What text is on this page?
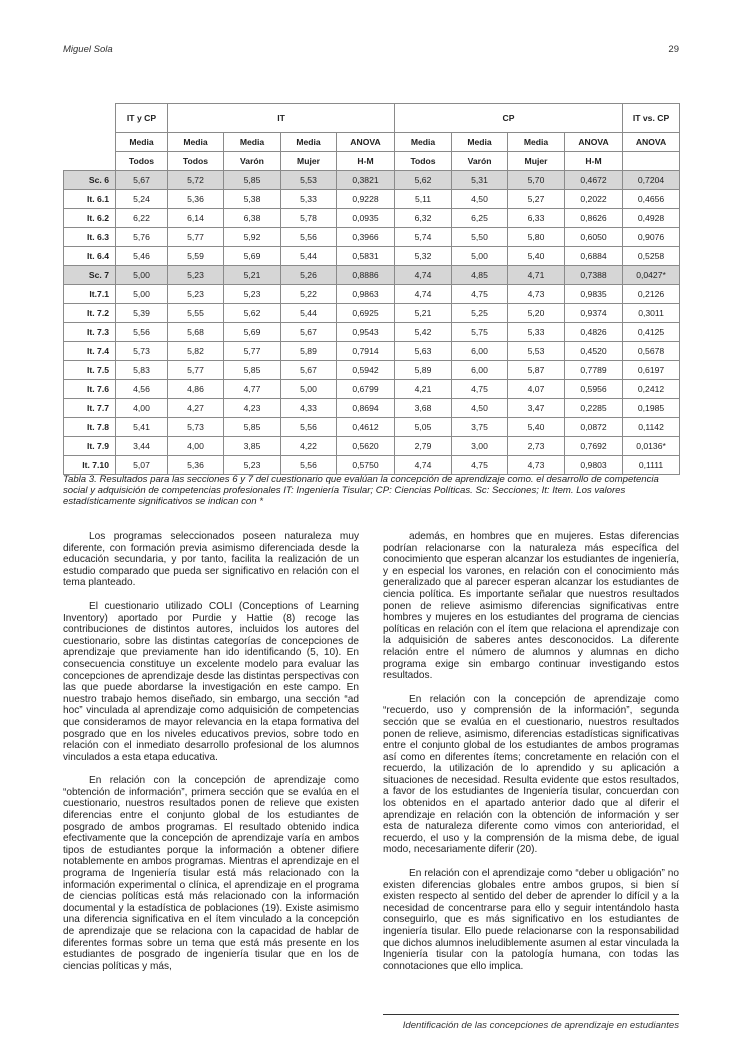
Miguel Sola	29
	IT y CP	IT				CP				IT vs. CP
	Media	Media	Media	Media	ANOVA	Media	Media	Media	ANOVA	ANOVA
	Todos	Todos	Varón	Mujer	H-M	Todos	Varón	Mujer	H-M	
Sc. 6	5,67	5,72	5,85	5,53	0,3821	5,62	5,31	5,70	0,4672	0,7204
It. 6.1	5,24	5,36	5,38	5,33	0,9228	5,11	4,50	5,27	0,2022	0,4656
It. 6.2	6,22	6,14	6,38	5,78	0,0935	6,32	6,25	6,33	0,8626	0,4928
It. 6.3	5,76	5,77	5,92	5,56	0,3966	5,74	5,50	5,80	0,6050	0,9076
It. 6.4	5,46	5,59	5,69	5,44	0,5831	5,32	5,00	5,40	0,6884	0,5258
Sc. 7	5,00	5,23	5,21	5,26	0,8886	4,74	4,85	4,71	0,7388	0,0427*
It.7.1	5,00	5,23	5,23	5,22	0,9863	4,74	4,75	4,73	0,9835	0,2126
It. 7.2	5,39	5,55	5,62	5,44	0,6925	5,21	5,25	5,20	0,9374	0,3011
It. 7.3	5,56	5,68	5,69	5,67	0,9543	5,42	5,75	5,33	0,4826	0,4125
It. 7.4	5,73	5,82	5,77	5,89	0,7914	5,63	6,00	5,53	0,4520	0,5678
It. 7.5	5,83	5,77	5,85	5,67	0,5942	5,89	6,00	5,87	0,7789	0,6197
It. 7.6	4,56	4,86	4,77	5,00	0,6799	4,21	4,75	4,07	0,5956	0,2412
It. 7.7	4,00	4,27	4,23	4,33	0,8694	3,68	4,50	3,47	0,2285	0,1985
It. 7.8	5,41	5,73	5,85	5,56	0,4612	5,05	3,75	5,40	0,0872	0,1142
It. 7.9	3,44	4,00	3,85	4,22	0,5620	2,79	3,00	2,73	0,7692	0,0136*
It. 7.10	5,07	5,36	5,23	5,56	0,5750	4,74	4,75	4,73	0,9803	0,1111
Tabla 3. Resultados para las secciones 6 y 7 del cuestionario que evalúan la concepción de aprendizaje como. el desarrollo de competencia social y adquisición de competencias profesionales IT: Ingeniería Tisular; CP: Ciencias Políticas. Sc: Secciones; It: Item. Los valores estadísticamente significativos se indican con *

Los programas seleccionados poseen naturaleza muy diferente, con formación previa asimismo diferenciada desde la educación secundaria, y por tanto, facilita la realización de un estudio comparado que pueda ser significativo en relación con el tema planteado.

El cuestionario utilizado COLI (Conceptions of Learning Inventory) aportado por Purdie y Hattie (8) recoge las contribuciones de distintos autores, incluidos los autores del cuestionario, sobre las distintas categorías de concepciones de aprendizaje que previamente han ido identificando (5, 10). En consecuencia constituye un excelente modelo para evaluar las concepciones de aprendizaje desde las distintas perspectivas con las que puede abordarse la investigación en este campo. En nuestro trabajo hemos diseñado, sin embargo, una sección “ad hoc” vinculada al aprendizaje como adquisición de competencias que consideramos de mayor relevancia en la etapa formativa del posgrado que en los niveles educativos previos, sobre todo en relación con el inmediato desarrollo profesional de los alumnos vinculados a esta etapa educativa.

En relación con la concepción de aprendizaje como “obtención de información”, primera sección que se evalúa en el cuestionario, nuestros resultados ponen de relieve que existen diferencias entre el conjunto global de los estudiantes de posgrado de ambos programas. El resultado obtenido indica efectivamente que la concepción de aprendizaje varía en ambos tipos de estudiantes porque la información a obtener difiere notablemente en ambos programas. Mientras el aprendizaje en el programa de Ingeniería tisular está más relacionado con la información experimental o clínica, el aprendizaje en el programa de ciencias políticas está más relacionado con la información documental y la estadística de poblaciones (19). Existe asimismo una diferencia significativa en el ítem vinculado a la concepción de aprendizaje que se relaciona con la capacidad de hablar de diferentes formas sobre un tema que está más presente en los estudiantes de posgrado de ingeniería tisular que en los de ciencias políticas y más,

además, en hombres que en mujeres. Estas diferencias podrían relacionarse con la naturaleza más específica del conocimiento que esperan alcanzar los estudiantes de ingeniería, y en especial los varones, en relación con el conocimiento más generalizado que al parecer esperan alcanzar los estudiantes de ciencia política. Es importante señalar que nuestros resultados ponen de relieve asimismo diferencias significativas entre hombres y mujeres en los estudiantes del programa de ciencias políticas en relación con el ítem que relaciona el aprendizaje con la adquisición de saberes antes desconocidos. La diferente relación entre el número de alumnos y alumnas en dicho programa exige sin embargo continuar investigando estos resultados.

En relación con la concepción de aprendizaje como “recuerdo, uso y comprensión de la información”, segunda sección que se evalúa en el cuestionario, nuestros resultados ponen de relieve, asimismo, diferencias estadísticas significativas entre el conjunto global de los estudiantes de ambos programas así como en diferentes ítems; concretamente en relación con el recuerdo, la utilización de lo aprendido y su aplicación a situaciones de necesidad. Resulta evidente que estos resultados, a favor de los estudiantes de Ingeniería tisular, concuerdan con los obtenidos en el apartado anterior dado que al diferir el aprendizaje en relación con la obtención de información y ser esta de naturaleza diferente como vimos con anterioridad, el recuerdo, el uso y la comprensión de la misma debe, de igual modo, necesariamente diferir (20).

En relación con el aprendizaje como “deber u obligación” no existen diferencias globales entre ambos grupos, si bien sí existen respecto al sentido del deber de aprender lo difícil y a la necesidad de concentrarse para ello y seguir intentándolo hasta conseguirlo, que es más significativo en los estudiantes de ingeniería tisular. Ello puede relacionarse con la responsabilidad que dichos alumnos ineludiblemente asumen al estar vinculada la Ingeniería tisular con la patología humana, con todas las connotaciones que ello implica.

Identificación de las concepciones de aprendizaje en estudiantes
